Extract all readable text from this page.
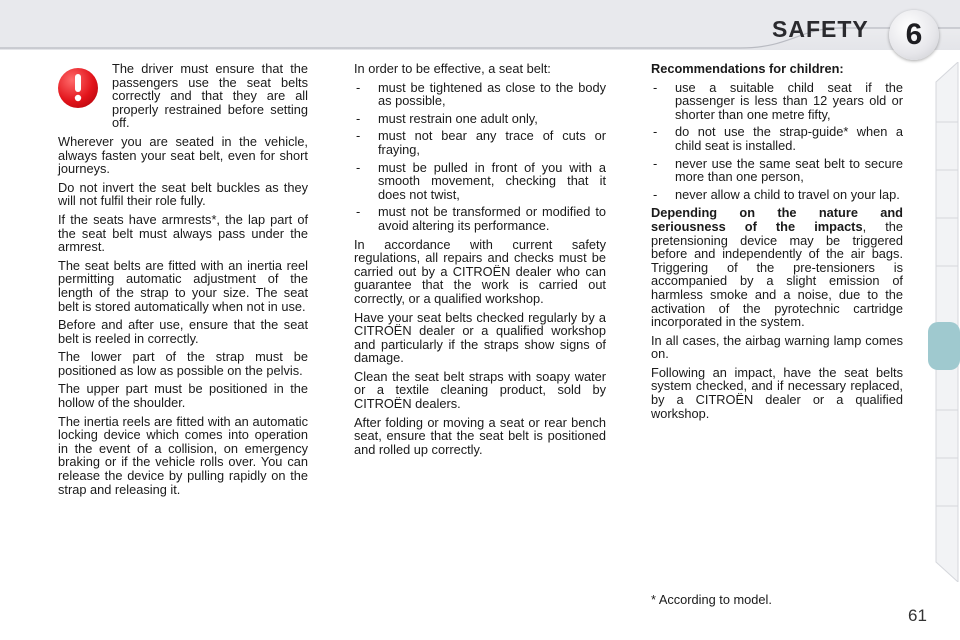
SAFETY 6
The driver must ensure that the passengers use the seat belts correctly and that they are all properly restrained before setting off.

Wherever you are seated in the vehicle, always fasten your seat belt, even for short journeys.

Do not invert the seat belt buckles as they will not fulfil their role fully.

If the seats have armrests*, the lap part of the seat belt must always pass under the armrest.

The seat belts are fitted with an inertia reel permitting automatic adjustment of the length of the strap to your size. The seat belt is stored automatically when not in use.

Before and after use, ensure that the seat belt is reeled in correctly.

The lower part of the strap must be positioned as low as possible on the pelvis.

The upper part must be positioned in the hollow of the shoulder.

The inertia reels are fitted with an automatic locking device which comes into operation in the event of a collision, on emergency braking or if the vehicle rolls over. You can release the device by pulling rapidly on the strap and releasing it.

In order to be effective, a seat belt:

- must be tightened as close to the body as possible,
- must restrain one adult only,
- must not bear any trace of cuts or fraying,
- must be pulled in front of you with a smooth movement, checking that it does not twist,
- must not be transformed or modified to avoid altering its performance.

In accordance with current safety regulations, all repairs and checks must be carried out by a CITROËN dealer who can guarantee that the work is carried out correctly, or a qualified workshop.

Have your seat belts checked regularly by a CITROËN dealer or a qualified workshop and particularly if the straps show signs of damage.

Clean the seat belt straps with soapy water or a textile cleaning product, sold by CITROËN dealers.

After folding or moving a seat or rear bench seat, ensure that the seat belt is positioned and rolled up correctly.

Recommendations for children:

- use a suitable child seat if the passenger is less than 12 years old or shorter than one metre fifty,
- do not use the strap-guide* when a child seat is installed.
- never use the same seat belt to secure more than one person,
- never allow a child to travel on your lap.

Depending on the nature and seriousness of the impacts, the pretensioning device may be triggered before and independently of the air bags. Triggering of the pre-tensioners is accompanied by a slight emission of harmless smoke and a noise, due to the activation of the pyrotechnic cartridge incorporated in the system.

In all cases, the airbag warning lamp comes on.

Following an impact, have the seat belts system checked, and if necessary replaced, by a CITROËN dealer or a qualified workshop.

* According to model.
61
